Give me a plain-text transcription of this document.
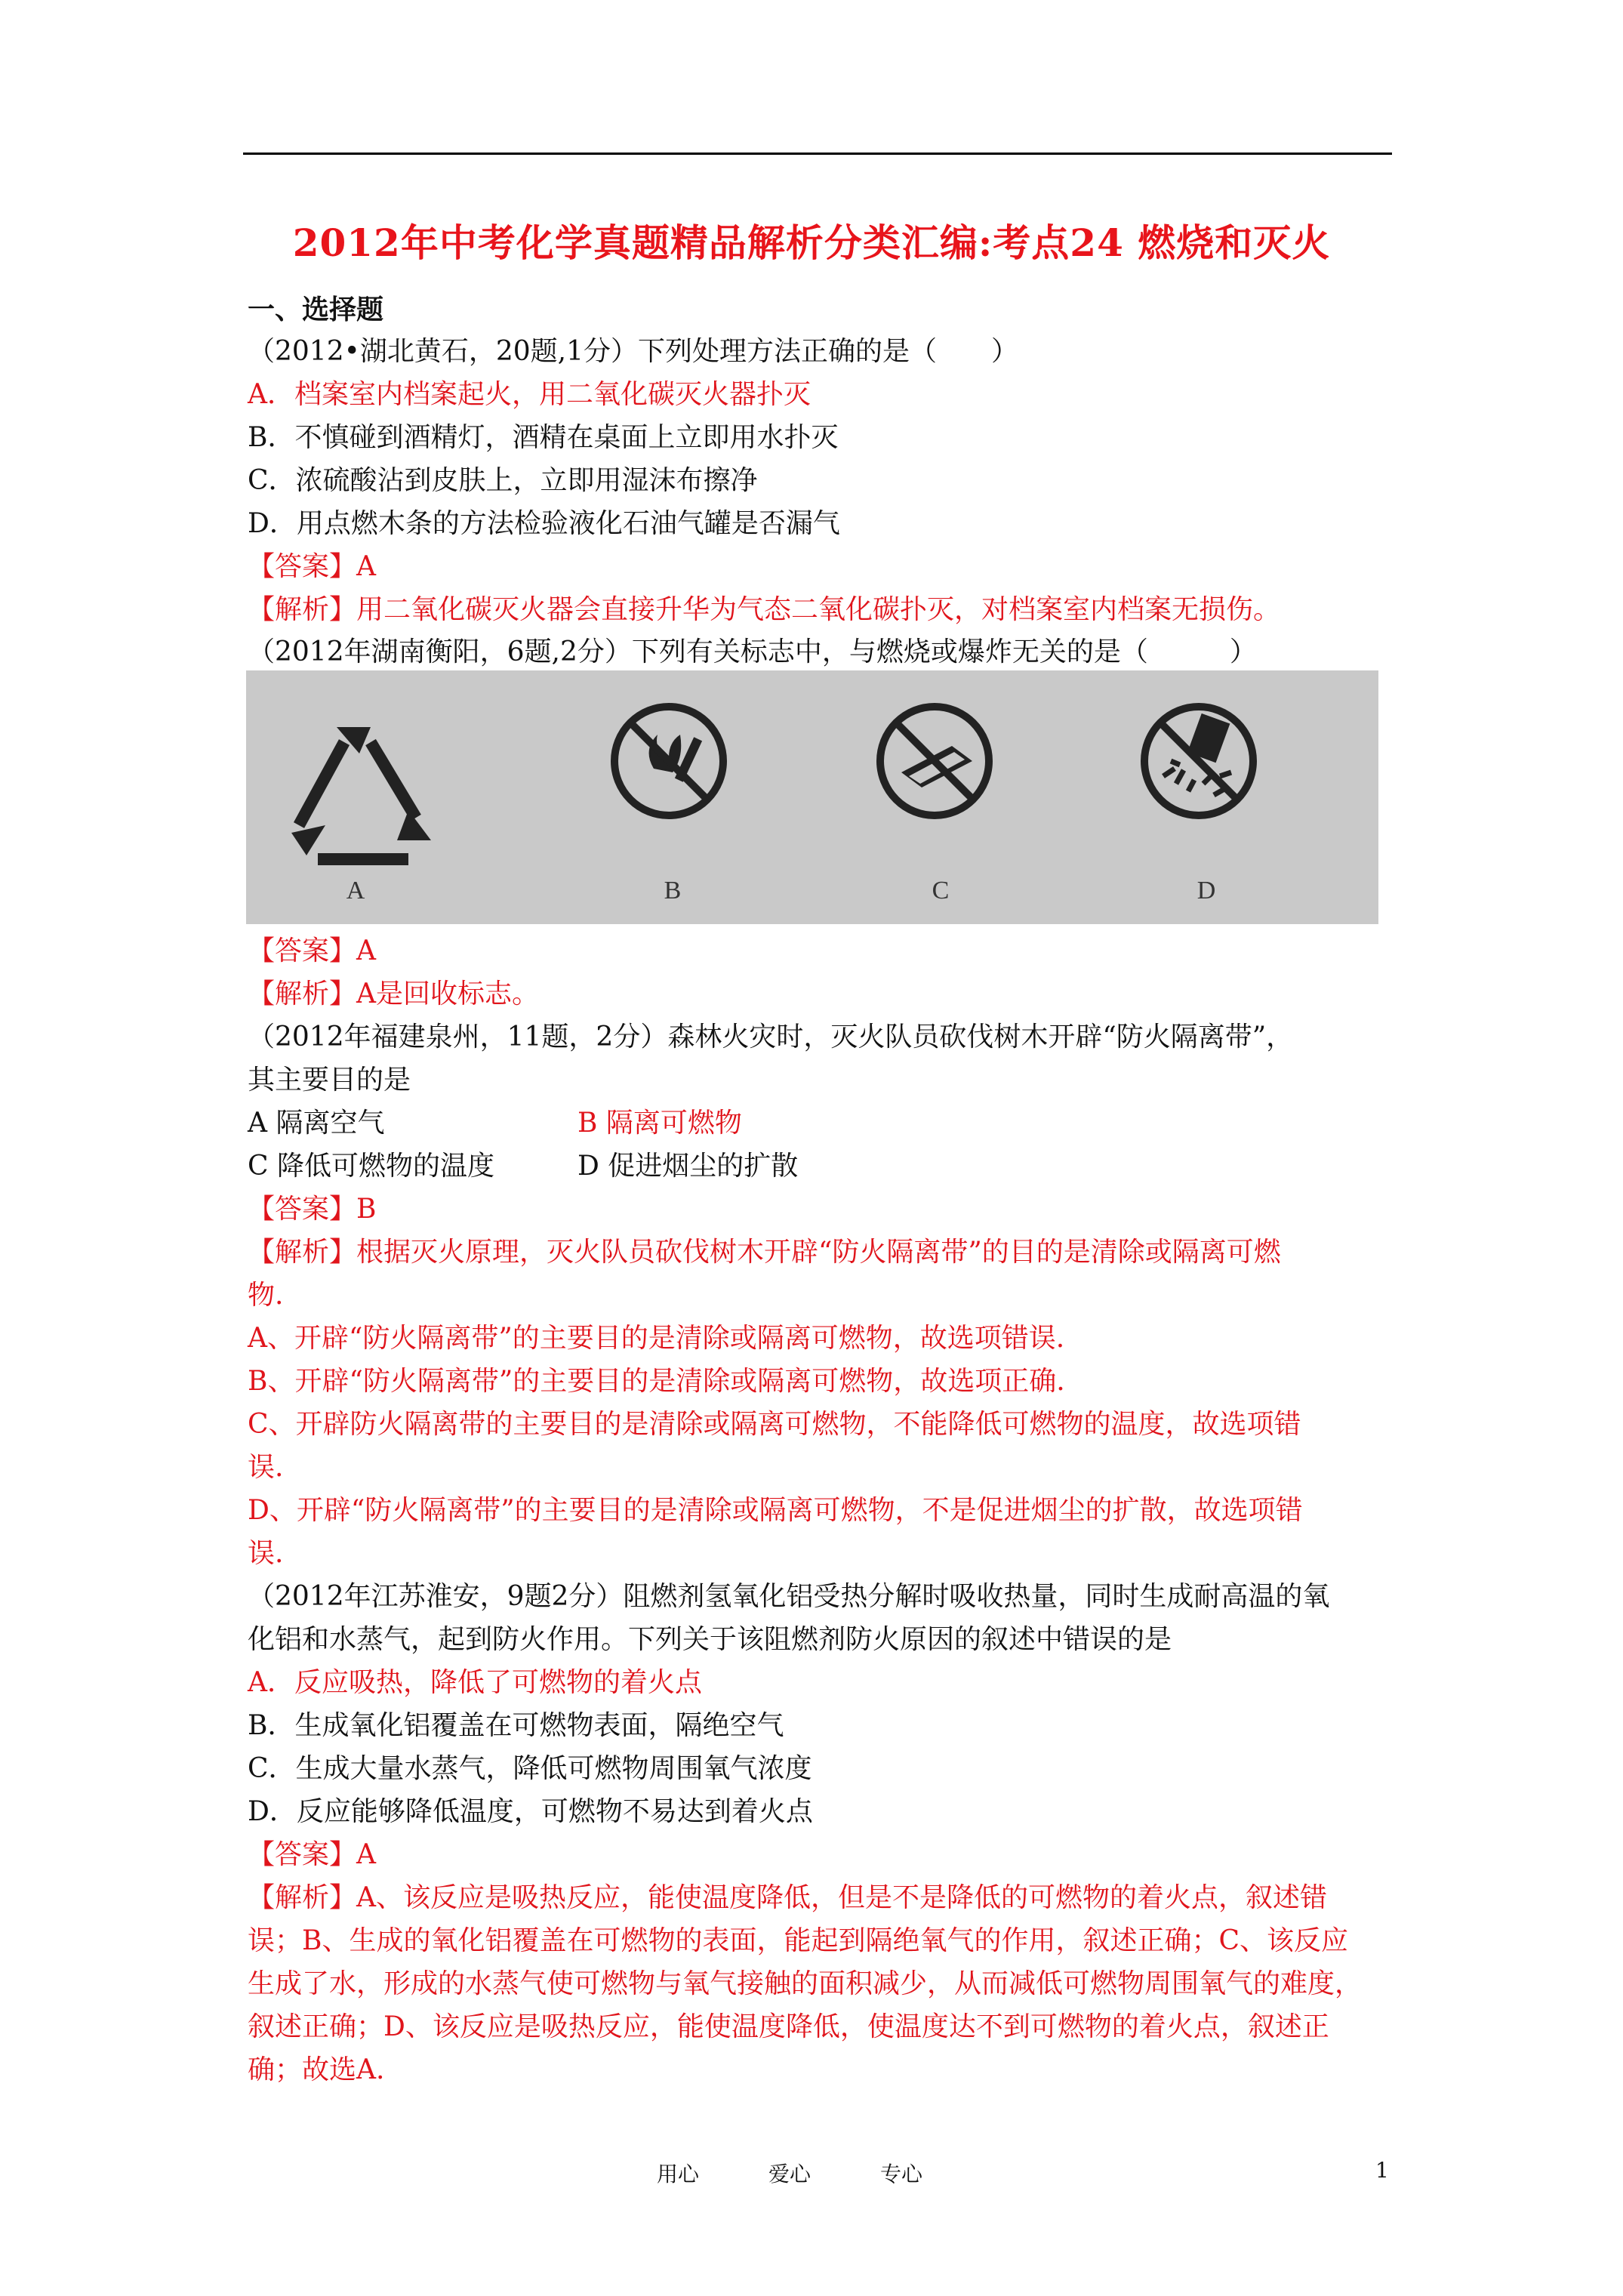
2012年中考化学真题精品解析分类汇编:考点24 燃烧和灭火
一、选择题
（2012•湖北黄石，20题,1分）下列处理方法正确的是（　　）
A．档案室内档案起火，用二氧化碳灭火器扑灭
B．不慎碰到酒精灯，酒精在桌面上立即用水扑灭
C．浓硫酸沾到皮肤上，立即用湿沫布擦净
D．用点燃木条的方法检验液化石油气罐是否漏气
【答案】A
【解析】用二氧化碳灭火器会直接升华为气态二氧化碳扑灭，对档案室内档案无损伤。
（2012年湖南衡阳，6题,2分）下列有关标志中，与燃烧或爆炸无关的是（　　　）
A	B	C	D
【答案】A
【解析】A是回收标志。
（2012年福建泉州，11题，2分）森林火灾时，灭火队员砍伐树木开辟“防火隔离带”，
其主要目的是
A 隔离空气	B 隔离可燃物
C 降低可燃物的温度	D 促进烟尘的扩散
【答案】B
【解析】根据灭火原理，灭火队员砍伐树木开辟“防火隔离带”的目的是清除或隔离可燃
物.
A、开辟“防火隔离带”的主要目的是清除或隔离可燃物，故选项错误.
B、开辟“防火隔离带”的主要目的是清除或隔离可燃物，故选项正确.
C、开辟防火隔离带的主要目的是清除或隔离可燃物，不能降低可燃物的温度，故选项错
误.
D、开辟“防火隔离带”的主要目的是清除或隔离可燃物，不是促进烟尘的扩散，故选项错
误.
（2012年江苏淮安，9题2分）阻燃剂氢氧化铝受热分解时吸收热量，同时生成耐高温的氧
化铝和水蒸气，起到防火作用。下列关于该阻燃剂防火原因的叙述中错误的是
A．反应吸热，降低了可燃物的着火点
B．生成氧化铝覆盖在可燃物表面，隔绝空气
C．生成大量水蒸气，降低可燃物周围氧气浓度
D．反应能够降低温度，可燃物不易达到着火点
【答案】A
【解析】A、该反应是吸热反应，能使温度降低，但是不是降低的可燃物的着火点，叙述错
误；B、生成的氧化铝覆盖在可燃物的表面，能起到隔绝氧气的作用，叙述正确；C、该反应
生成了水，形成的水蒸气使可燃物与氧气接触的面积减少，从而减低可燃物周围氧气的难度，
叙述正确；D、该反应是吸热反应，能使温度降低，使温度达不到可燃物的着火点，叙述正
确；故选A.
用心	爱心	专心	1
